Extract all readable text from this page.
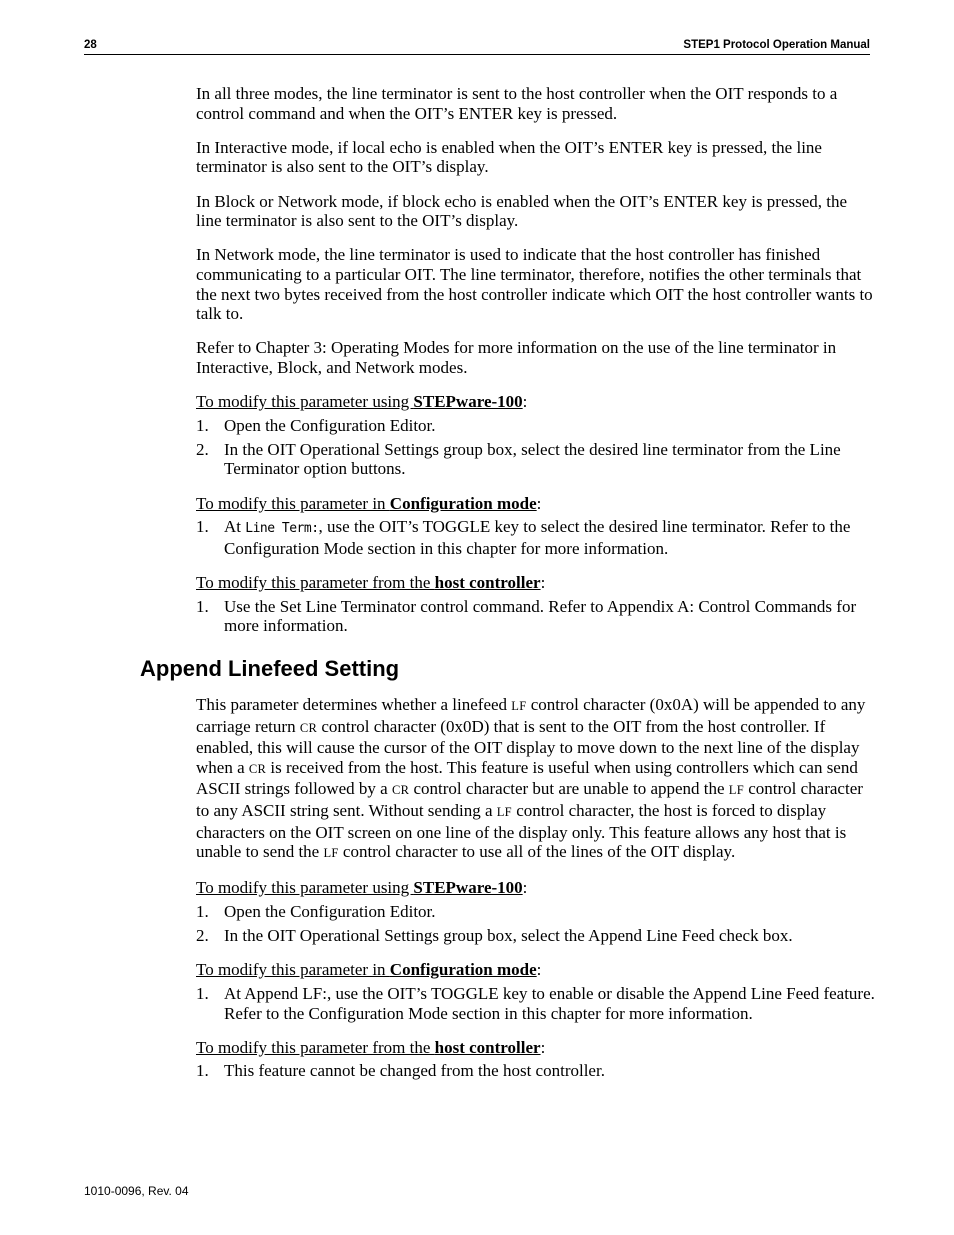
28	STEP1 Protocol Operation Manual

In all three modes, the line terminator is sent to the host controller when the OIT responds to a control command and when the OIT’s ENTER key is pressed.

In Interactive mode, if local echo is enabled when the OIT’s ENTER key is pressed, the line terminator is also sent to the OIT’s display.

In Block or Network mode, if block echo is enabled when the OIT’s ENTER key is pressed, the line terminator is also sent to the OIT’s display.

In Network mode, the line terminator is used to indicate that the host controller has finished communicating to a particular OIT. The line terminator, therefore, notifies the other terminals that the next two bytes received from the host controller indicate which OIT the host controller wants to talk to.

Refer to Chapter 3: Operating Modes for more information on the use of the line terminator in Interactive, Block, and Network modes.

To modify this parameter using STEPware-100:

1. Open the Configuration Editor.
2. In the OIT Operational Settings group box, select the desired line terminator from the Line Terminator option buttons.

To modify this parameter in Configuration mode:

1. At Line Term:, use the OIT’s TOGGLE key to select the desired line terminator. Refer to the Configuration Mode section in this chapter for more information.

To modify this parameter from the host controller:

1. Use the Set Line Terminator control command. Refer to Appendix A: Control Commands for more information.
Append Linefeed Setting

This parameter determines whether a linefeed LF control character (0x0A) will be appended to any carriage return CR control character (0x0D) that is sent to the OIT from the host controller. If enabled, this will cause the cursor of the OIT display to move down to the next line of the display when a CR is received from the host. This feature is useful when using controllers which can send ASCII strings followed by a CR control character but are unable to append the LF control character to any ASCII string sent. Without sending a LF control character, the host is forced to display characters on the OIT screen on one line of the display only. This feature allows any host that is unable to send the LF control character to use all of the lines of the OIT display.

To modify this parameter using STEPware-100:

1. Open the Configuration Editor.
2. In the OIT Operational Settings group box, select the Append Line Feed check box.

To modify this parameter in Configuration mode:

1. At Append LF:, use the OIT’s TOGGLE key to enable or disable the Append Line Feed feature. Refer to the Configuration Mode section in this chapter for more information.

To modify this parameter from the host controller:

1. This feature cannot be changed from the host controller.
1010-0096, Rev. 04
